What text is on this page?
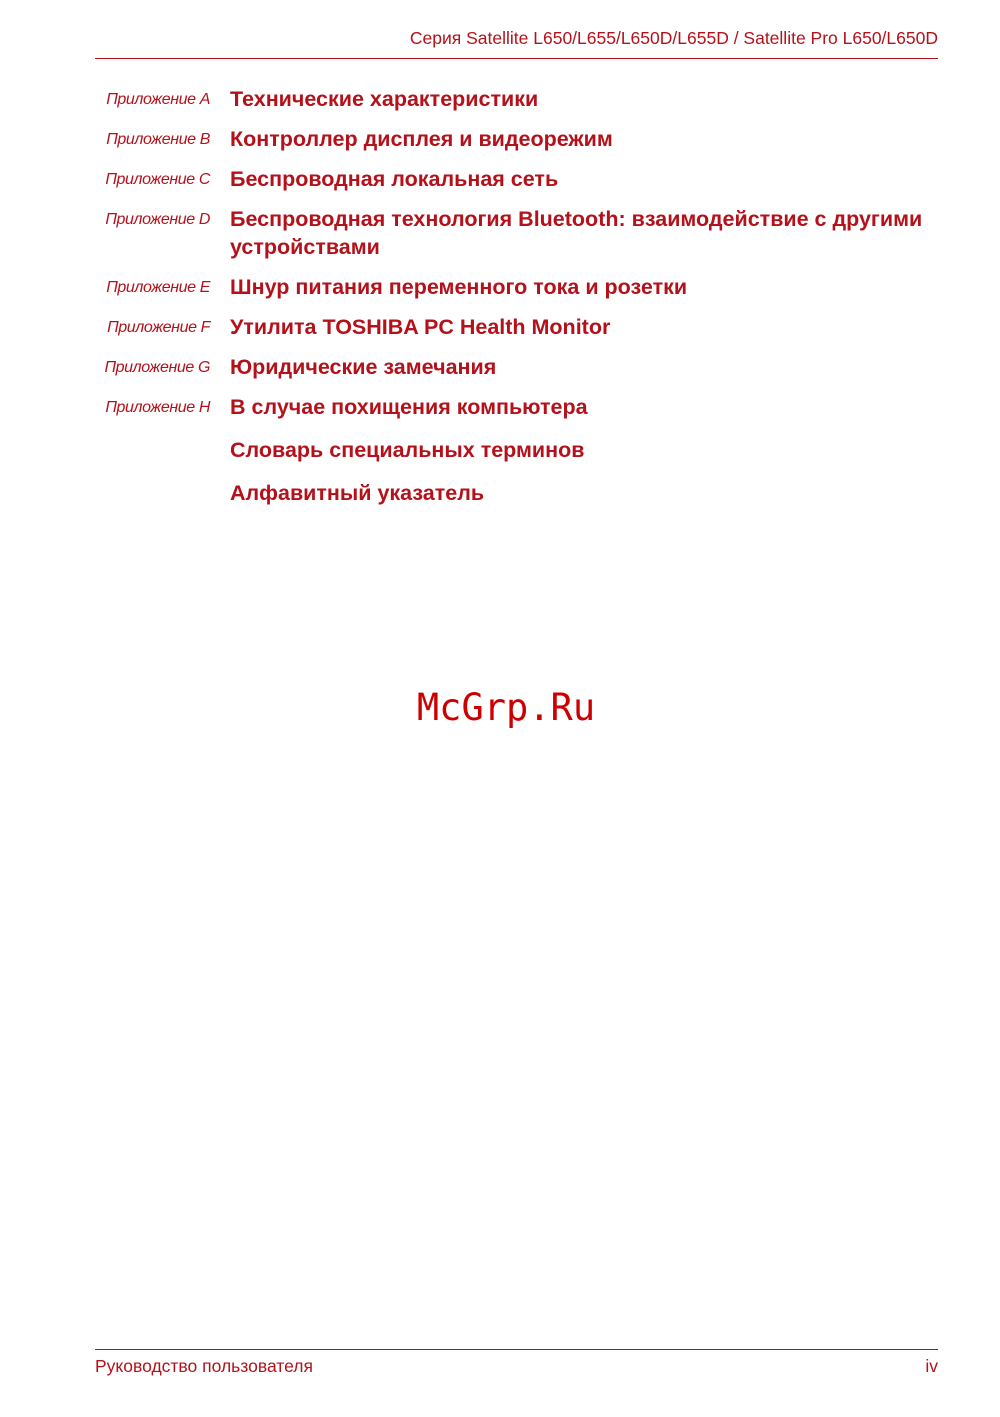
Серия Satellite L650/L655/L650D/L655D / Satellite Pro L650/L650D
Приложение A Технические характеристики
Приложение B Контроллер дисплея и видеорежим
Приложение C Беспроводная локальная сеть
Приложение D Беспроводная технология Bluetooth: взаимодействие с другими устройствами
Приложение E Шнур питания переменного тока и розетки
Приложение F Утилита TOSHIBA PC Health Monitor
Приложение G Юридические замечания
Приложение H В случае похищения компьютера
Словарь специальных терминов
Алфавитный указатель
McGrp.Ru
Руководство пользователя	iv
